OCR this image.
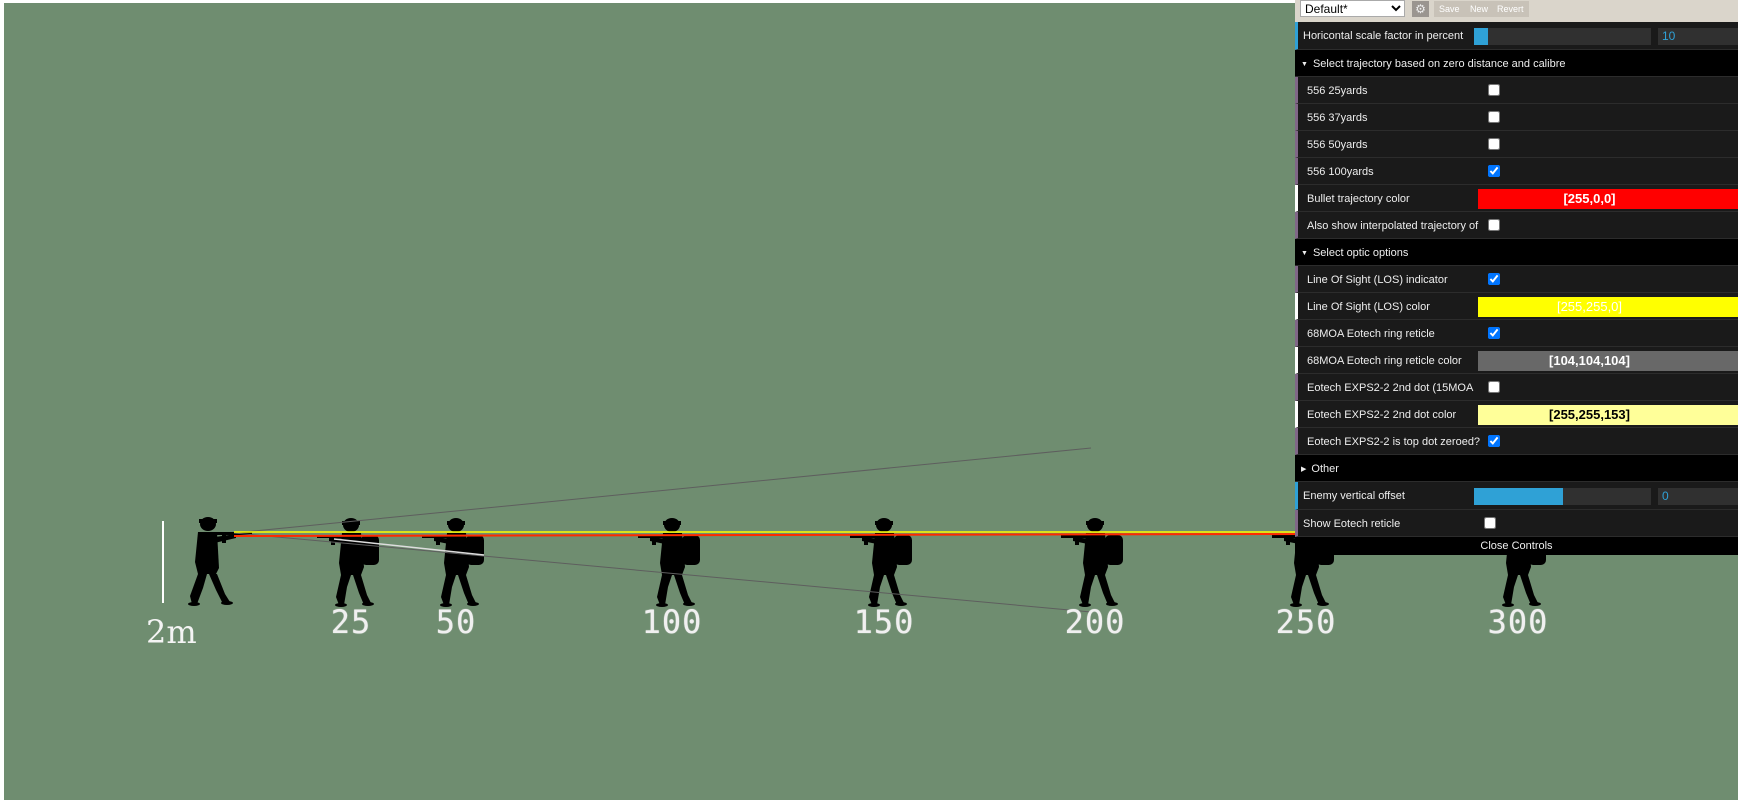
2m	25 50	100	150	200	250	300
Default*
⚙	Save	New Revert
Horicontal scale factor in percent	10
▼ Select trajectory based on zero distance and calibre
556 25yards
556 37yards
556 50yards
556 100yards
Bullet trajectory color	[255,0,0]
Also show interpolated trajectory of
▼ Select optic options
Line Of Sight (LOS) indicator
Line Of Sight (LOS) color	[255,255,0]
68MOA Eotech ring reticle
68MOA Eotech ring reticle color	[104,104,104]
Eotech EXPS2-2 2nd dot (15MOA
Eotech EXPS2-2 2nd dot color	[255,255,153]
Eotech EXPS2-2 is top dot zeroed?
▶ Other
Enemy vertical offset	0
Show Eotech reticle
Close Controls
